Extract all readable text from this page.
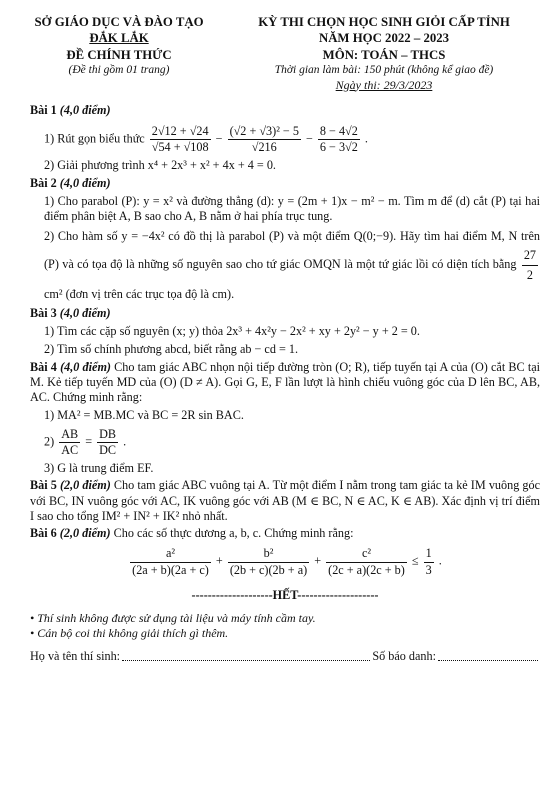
SỞ GIÁO DỤC VÀ ĐÀO TẠO
ĐẮK LẮK
ĐỀ CHÍNH THỨC
(Đề thi gồm 01 trang)
KỲ THI CHỌN HỌC SINH GIỎI CẤP TỈNH
NĂM HỌC 2022 – 2023
MÔN: TOÁN – THCS
Thời gian làm bài: 150 phút (không kể giao đề)
Ngày thi: 29/3/2023
Bài 1 (4,0 điểm)
1) Rút gọn biểu thức $\frac{2√12 + √24}{√54 + √108} - \frac{\text{(√2 + √3)² − 5}}{√216} - \frac{8 - 4√2}{6 - 3√2}$ .
2) Giải phương trình x⁴ + 2x³ + x² + 4x + 4 = 0.
Bài 2 (4,0 điểm)
1) Cho parabol (P): y = x² và đường thẳng (d): y = (2m + 1)x − m² − m. Tìm m để (d) cắt (P) tại hai điểm phân biệt A, B sao cho A, B nằm ở hai phía trục tung.
2) Cho hàm số y = −4x² có đồ thị là parabol (P) và một điểm Q(0;−9). Hãy tìm hai điểm M, N trên (P) và có tọa độ là những số nguyên sao cho tứ giác OMQN là một tứ giác lồi có diện tích bằng $\frac{27}{2}$
cm² (đơn vị trên các trục tọa độ là cm).
Bài 3 (4,0 điểm)
1) Tìm các cặp số nguyên (x; y) thỏa 2x³ + 4x²y − 2x² + xy + 2y² − y + 2 = 0.
2) Tìm số chính phương abcd, biết rằng ab − cd = 1.
Bài 4 (4,0 điểm) Cho tam giác ABC nhọn nội tiếp đường tròn (O; R), tiếp tuyến tại A của (O) cắt BC tại M. Kẻ tiếp tuyến MD của (O) (D ≠ A). Gọi G, E, F lần lượt là hình chiếu vuông góc của D lên BC, AB, AC. Chứng minh rằng:
1) MA² = MB.MC và BC = 2R sin BAC.
$2) \frac{AB}{AC} = \frac{DB}{DC}$ .
3) G là trung điểm EF.
Bài 5 (2,0 điểm) Cho tam giác ABC vuông tại A. Từ một điểm I nằm trong tam giác ta kẻ IM vuông góc với BC, IN vuông góc với AC, IK vuông góc với AB (M ∈ BC, N ∈ AC, K ∈ AB). Xác định vị trí điểm I sao cho tổng IM² + IN² + IK² nhỏ nhất.
Bài 6 (2,0 điểm) Cho các số thực dương a, b, c. Chứng minh rằng:
$\frac{\text{a²}}{(2a + b)(2a + c)} + \frac{\text{b²}}{(2b + c)(2b + a)} + \frac{\text{c²}}{(2c + a)(2c + b)} \le \frac{1}{3}$ .
--------------------HẾT--------------------
• Thí sinh không được sử dụng tài liệu và máy tính cầm tay.
• Cán bộ coi thi không giải thích gì thêm.
Họ và tên thí sinh:	Số báo danh:
